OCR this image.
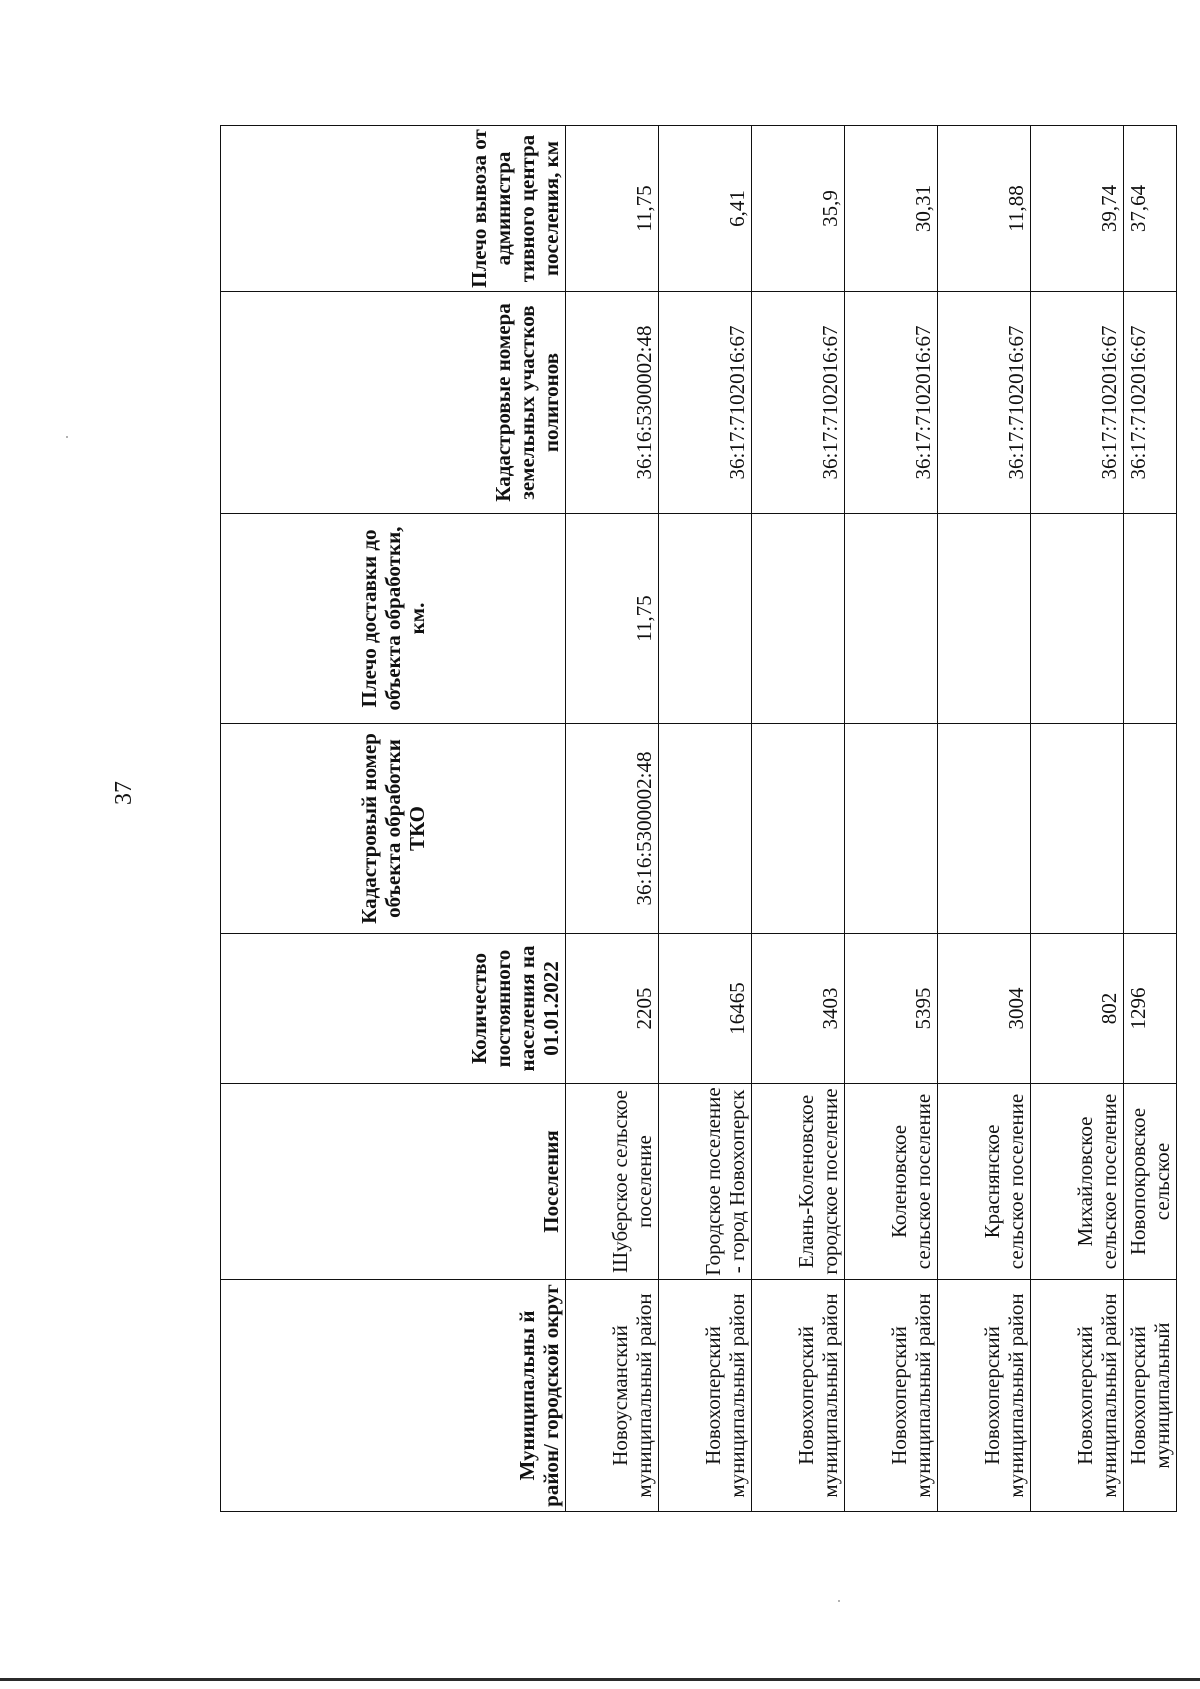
37
Муниципальны й район/ городской округ	Поселения	Количество постоянного населения на 01.01.2022	Кадастровый номер объекта обработки ТКО	Плечо доставки до объекта обработки, км.	Кадастровые номера земельных участков полигонов	Плечо вывоза от администра тивного центра поселения, км
Новоусманский муниципальный район	Шуберское сельское поселение	2205	36:16:5300002:48	11,75	36:16:5300002:48	11,75
Новохоперский муниципальный район	Городское поселение - город Новохоперск	16465			36:17:7102016:67	6,41
Новохоперский муниципальный район	Елань-Коленовское городское поселение	3403			36:17:7102016:67	35,9
Новохоперский муниципальный район	Коленовское сельское поселение	5395			36:17:7102016:67	30,31
Новохоперский муниципальный район	Краснянское сельское поселение	3004			36:17:7102016:67	11,88
Новохоперский муниципальный район	Михайловское сельское поселение	802			36:17:7102016:67	39,74
Новохоперский муниципальный	Новопокровское сельское	1296			36:17:7102016:67	37,64
